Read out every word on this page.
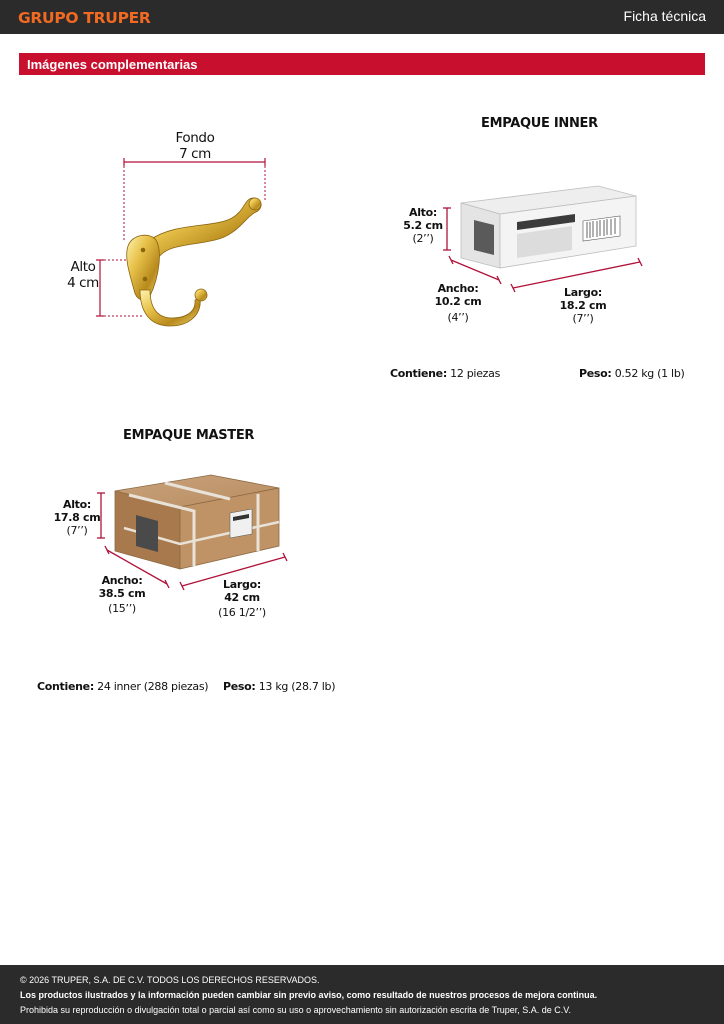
GRUPO TRUPER	Ficha técnica
Imágenes complementarias
Fondo
7 cm
Alto
4 cm
EMPAQUE INNER
Alto:
5.2 cm
(2’’)
Ancho:
10.2 cm
(4’’)
Largo:
18.2 cm
(7’’)
Contiene: 12 piezas	Peso: 0.52 kg (1 lb)
EMPAQUE MASTER
Alto:
17.8 cm
(7’’)
Ancho:
38.5 cm
(15’’)
Largo:
42 cm
(16 1/2’’)
Contiene: 24 inner (288 piezas) Peso: 13 kg (28.7 lb)
© 2026 TRUPER, S.A. DE C.V. TODOS LOS DERECHOS RESERVADOS.
Los productos ilustrados y la información pueden cambiar sin previo aviso, como resultado de nuestros procesos de mejora continua.
Prohibida su reproducción o divulgación total o parcial así como su uso o aprovechamiento sin autorización escrita de Truper, S.A. de C.V.
